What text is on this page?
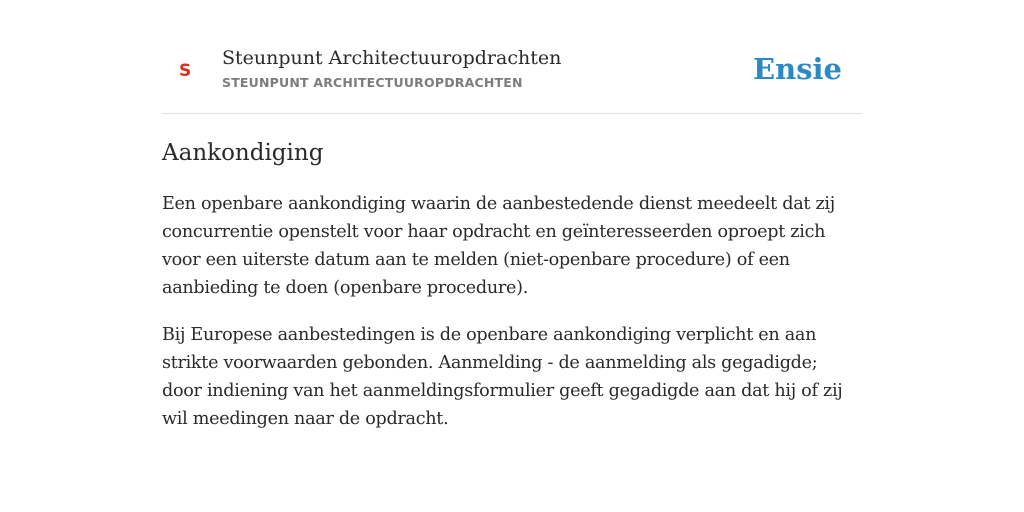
S
Steunpunt Architectuuropdrachten
STEUNPUNT ARCHITECTUUROPDRACHTEN	Ensie
Aankondiging

Een openbare aankondiging waarin de aanbestedende dienst meedeelt dat zij concurrentie openstelt voor haar opdracht en geïnteresseerden oproept zich voor een uiterste datum aan te melden (niet-openbare procedure) of een aanbieding te doen (openbare procedure).

Bij Europese aanbestedingen is de openbare aankondiging verplicht en aan strikte voorwaarden gebonden. Aanmelding - de aanmelding als gegadigde; door indiening van het aanmeldingsformulier geeft gegadigde aan dat hij of zij wil meedingen naar de opdracht.
